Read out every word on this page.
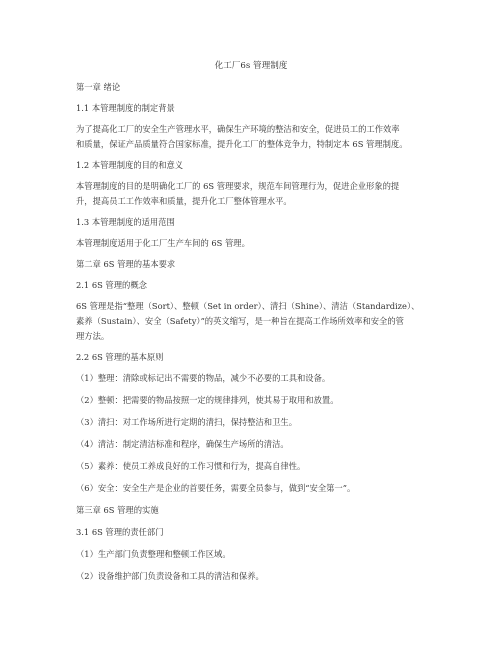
化工厂6s 管理制度
第一章 绪论
1.1 本管理制度的制定背景
为了提高化工厂的安全生产管理水平，确保生产环境的整洁和安全，促进员工的工作效率
和质量，保证产品质量符合国家标准，提升化工厂的整体竞争力，特制定本 6S 管理制度。
1.2 本管理制度的目的和意义
本管理制度的目的是明确化工厂的 6S 管理要求，规范车间管理行为，促进企业形象的提
升，提高员工工作效率和质量，提升化工厂整体管理水平。
1.3 本管理制度的适用范围
本管理制度适用于化工厂生产车间的 6S 管理。
第二章 6S 管理的基本要求
2.1 6S 管理的概念
6S 管理是指“整理（Sort）、整顿（Set in order）、清扫（Shine）、清洁（Standardize）、
素养（Sustain）、安全（Safety）”的英文缩写，是一种旨在提高工作场所效率和安全的管
理方法。
2.2 6S 管理的基本原则
（1）整理：清除或标记出不需要的物品，减少不必要的工具和设备。
（2）整顿：把需要的物品按照一定的规律排列，使其易于取用和放置。
（3）清扫：对工作场所进行定期的清扫，保持整洁和卫生。
（4）清洁：制定清洁标准和程序，确保生产场所的清洁。
（5）素养：使员工养成良好的工作习惯和行为，提高自律性。
（6）安全：安全生产是企业的首要任务，需要全员参与，做到“安全第一”。
第三章 6S 管理的实施
3.1 6S 管理的责任部门
（1）生产部门负责整理和整顿工作区域。
（2）设备维护部门负责设备和工具的清洁和保养。
